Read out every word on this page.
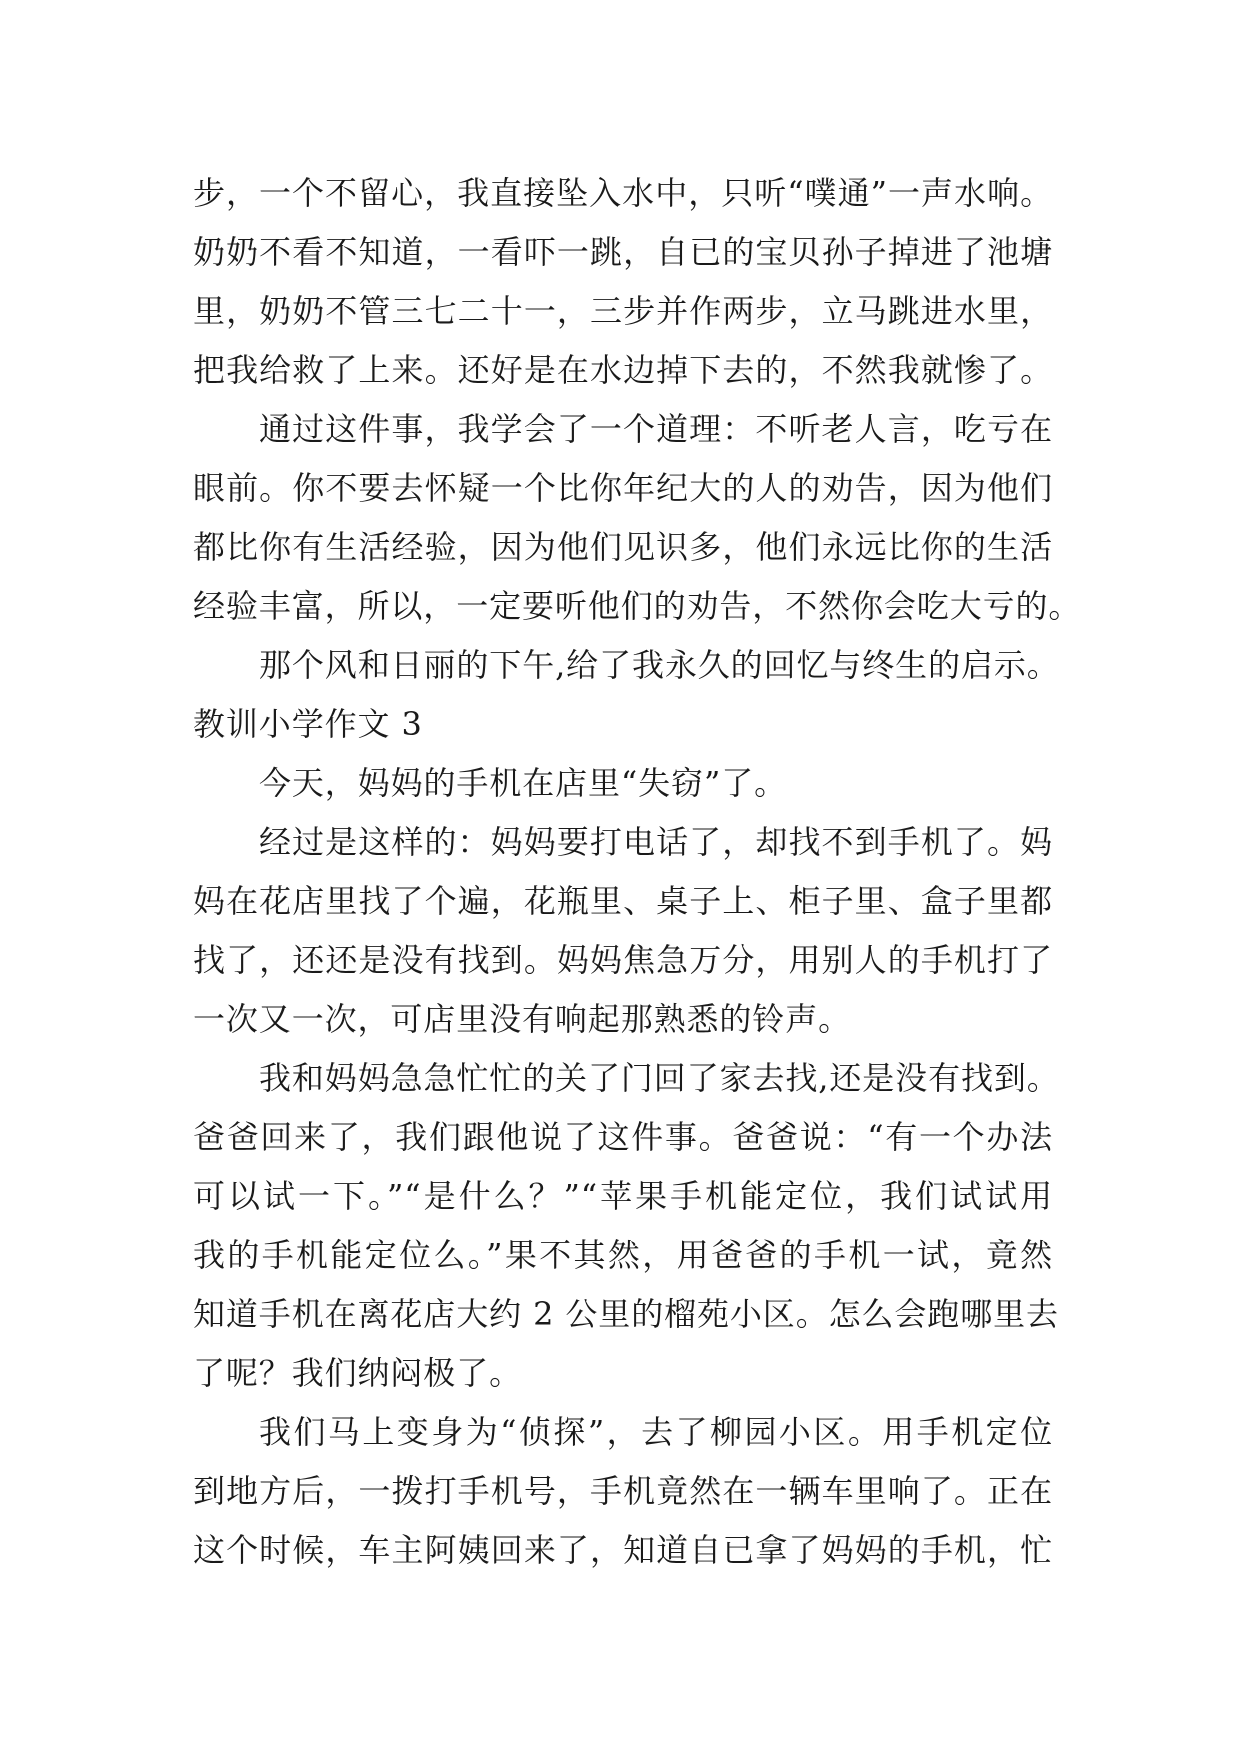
步，一个不留心，我直接坠入水中，只听“噗通”一声水响。
奶奶不看不知道，一看吓一跳，自已的宝贝孙子掉进了池塘
里，奶奶不管三七二十一，三步并作两步，立马跳进水里，
把我给救了上来。还好是在水边掉下去的，不然我就惨了。
通过这件事，我学会了一个道理：不听老人言，吃亏在
眼前。你不要去怀疑一个比你年纪大的人的劝告，因为他们
都比你有生活经验，因为他们见识多，他们永远比你的生活
经验丰富，所以，一定要听他们的劝告，不然你会吃大亏的。
那个风和日丽的下午,给了我永久的回忆与终生的启示。
教训小学作文 3
今天，妈妈的手机在店里“失窃”了。
经过是这样的：妈妈要打电话了，却找不到手机了。妈
妈在花店里找了个遍，花瓶里、桌子上、柜子里、盒子里都
找了，还还是没有找到。妈妈焦急万分，用别人的手机打了
一次又一次，可店里没有响起那熟悉的铃声。
我和妈妈急急忙忙的关了门回了家去找,还是没有找到。
爸爸回来了，我们跟他说了这件事。爸爸说：“有一个办法
可以试一下。”“是什么？”“苹果手机能定位，我们试试用
我的手机能定位么。”果不其然，用爸爸的手机一试，竟然
知道手机在离花店大约 2 公里的榴苑小区。怎么会跑哪里去
了呢？我们纳闷极了。
我们马上变身为“侦探”，去了柳园小区。用手机定位
到地方后，一拨打手机号，手机竟然在一辆车里响了。正在
这个时候，车主阿姨回来了，知道自已拿了妈妈的手机，忙
